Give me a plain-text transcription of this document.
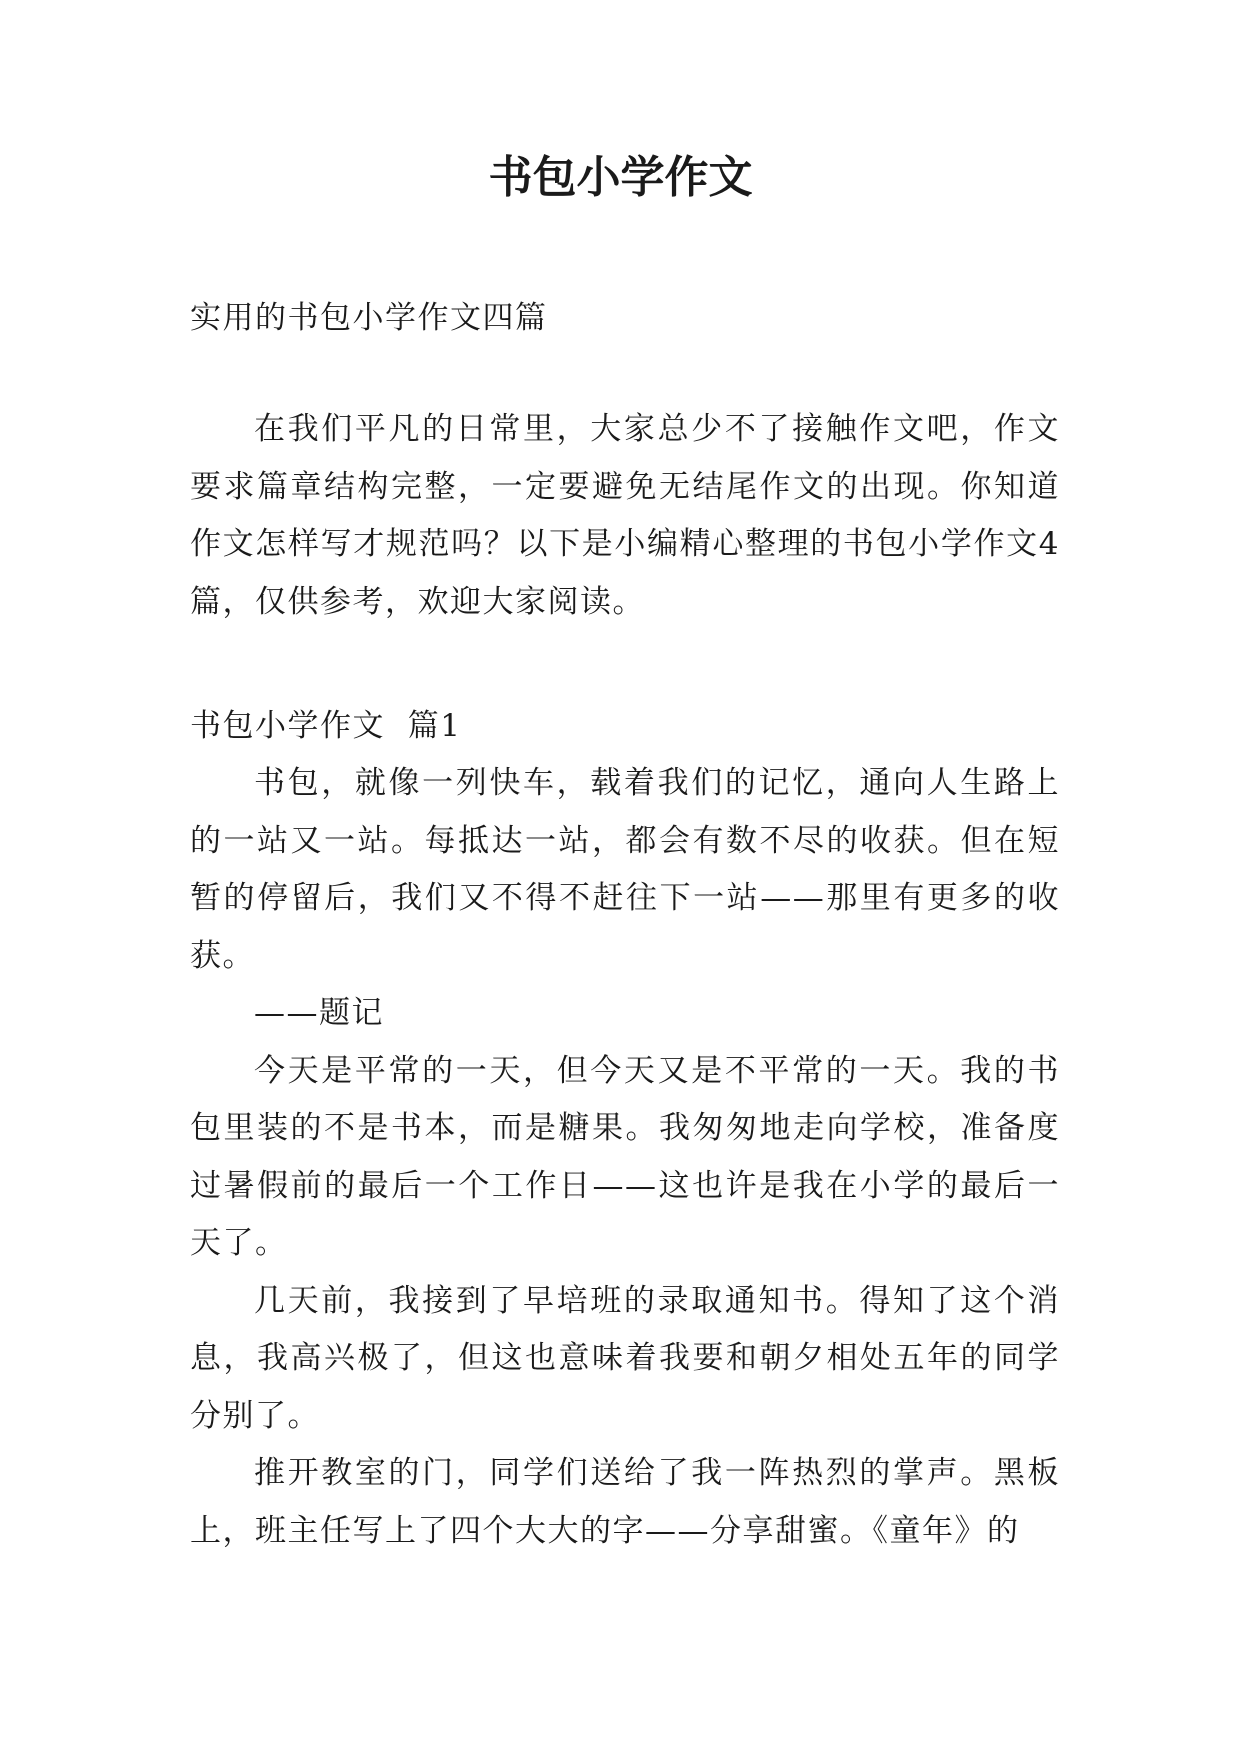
书包小学作文

实用的书包小学作文四篇

在我们平凡的日常里，大家总少不了接触作文吧，作文要求篇章结构完整，一定要避免无结尾作文的出现。你知道作文怎样写才规范吗？以下是小编精心整理的书包小学作文4篇，仅供参考，欢迎大家阅读。

书包小学作文  篇1

书包，就像一列快车，载着我们的记忆，通向人生路上的一站又一站。每抵达一站，都会有数不尽的收获。但在短暂的停留后，我们又不得不赶往下一站——那里有更多的收获。

——题记

今天是平常的一天，但今天又是不平常的一天。我的书包里装的不是书本，而是糖果。我匆匆地走向学校，准备度过暑假前的最后一个工作日——这也许是我在小学的最后一天了。

几天前，我接到了早培班的录取通知书。得知了这个消息，我高兴极了，但这也意味着我要和朝夕相处五年的同学分别了。

推开教室的门，同学们送给了我一阵热烈的掌声。黑板上，班主任写上了四个大大的字——分享甜蜜。《童年》的
